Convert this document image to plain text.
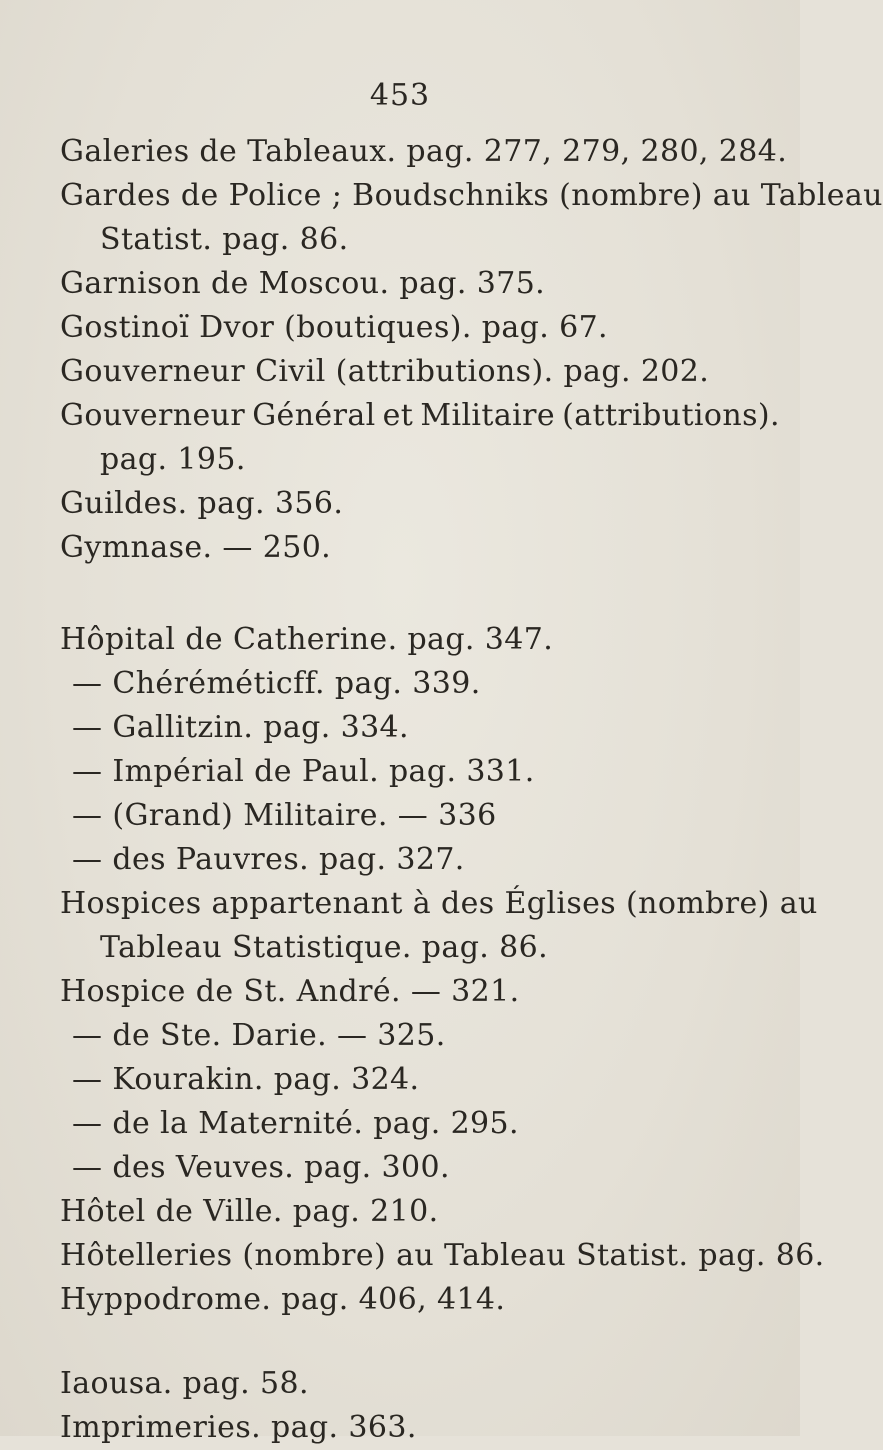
453
Galeries de Tableaux. pag. 277, 279, 280, 284.
Gardes de Police ; Boudschniks (nombre) au Tableau
Statist. pag. 86.
Garnison de Moscou. pag. 375.
Gostinoï Dvor (boutiques). pag. 67.
Gouverneur Civil (attributions). pag. 202.
Gouverneur Général et Militaire (attributions).
pag. 195.
Guildes. pag. 356.
Gymnase. — 250.
Hôpital de Catherine. pag. 347.
— Chéréméticff. pag. 339.
— Gallitzin. pag. 334.
— Impérial de Paul. pag. 331.
— (Grand) Militaire. — 336
— des Pauvres. pag. 327.
Hospices appartenant à des Églises (nombre) au
Tableau Statistique. pag. 86.
Hospice de St. André. — 321.
— de Ste. Darie. — 325.
— Kourakin. pag. 324.
— de la Maternité. pag. 295.
— des Veuves. pag. 300.
Hôtel de Ville. pag. 210.
Hôtelleries (nombre) au Tableau Statist. pag. 86.
Hyppodrome. pag. 406, 414.
Iaousa. pag. 58.
Imprimeries. pag. 363.
